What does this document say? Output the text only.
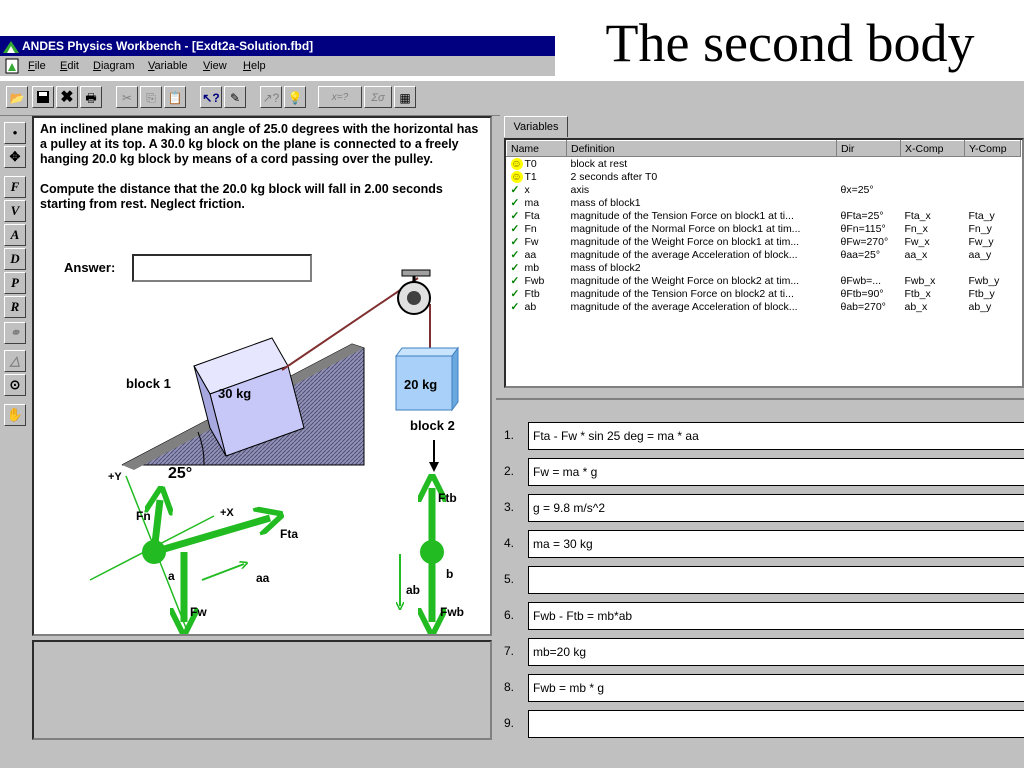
The second body
ANDES Physics Workbench - [Exdt2a-Solution.fbd]
File Edit Diagram Variable View Help
📂 ✖ 🖶	✂	⎘ 📋 ↖? ✎	↗? 💡	x=?	Σσ	▦
•
✥
F
V
A
D
P
R
⚭
△
⊙
✋
An inclined plane making an angle of 25.0 degrees with the horizontal has a pulley at its top. A 30.0 kg block on the plane is connected to a freely hanging 20.0 kg block by means of a cord passing over the pulley.
Compute the distance that the 20.0 kg block will fall in 2.00 seconds starting from rest. Neglect friction.
Answer:
25°
30 kg
block 1	20 kg
block 2
+Y
+X
Fn
Fta
Fw
a	aa
Ftb
b
ab
Fwb
Variables
Name	Definition	Dir	X-Comp	Y-Comp
☺ T0	block at rest			
☺ T1	2 seconds after T0			
✓ x	axis	θx=25°		
✓ ma	mass of block1			
✓ Fta	magnitude of the Tension Force on block1 at ti...	θFta=25°	Fta_x	Fta_y
✓ Fn	magnitude of the Normal Force on block1 at tim...	θFn=115°	Fn_x	Fn_y
✓ Fw	magnitude of the Weight Force on block1 at tim...	θFw=270°	Fw_x	Fw_y
✓ aa	magnitude of the average Acceleration of block...	θaa=25°	aa_x	aa_y
✓ mb	mass of block2			
✓ Fwb	magnitude of the Weight Force on block2 at tim...	θFwb=...	Fwb_x	Fwb_y
✓ Ftb	magnitude of the Tension Force on block2 at ti...	θFtb=90°	Ftb_x	Ftb_y
✓ ab	magnitude of the average Acceleration of block...	θab=270°	ab_x	ab_y
1.	Fta - Fw * sin 25 deg = ma * aa
2.	Fw = ma * g
3.	g = 9.8 m/s^2
4.	ma = 30 kg
5.
6.	Fwb - Ftb = mb*ab
7.	mb=20 kg
8.	Fwb = mb * g
9.
